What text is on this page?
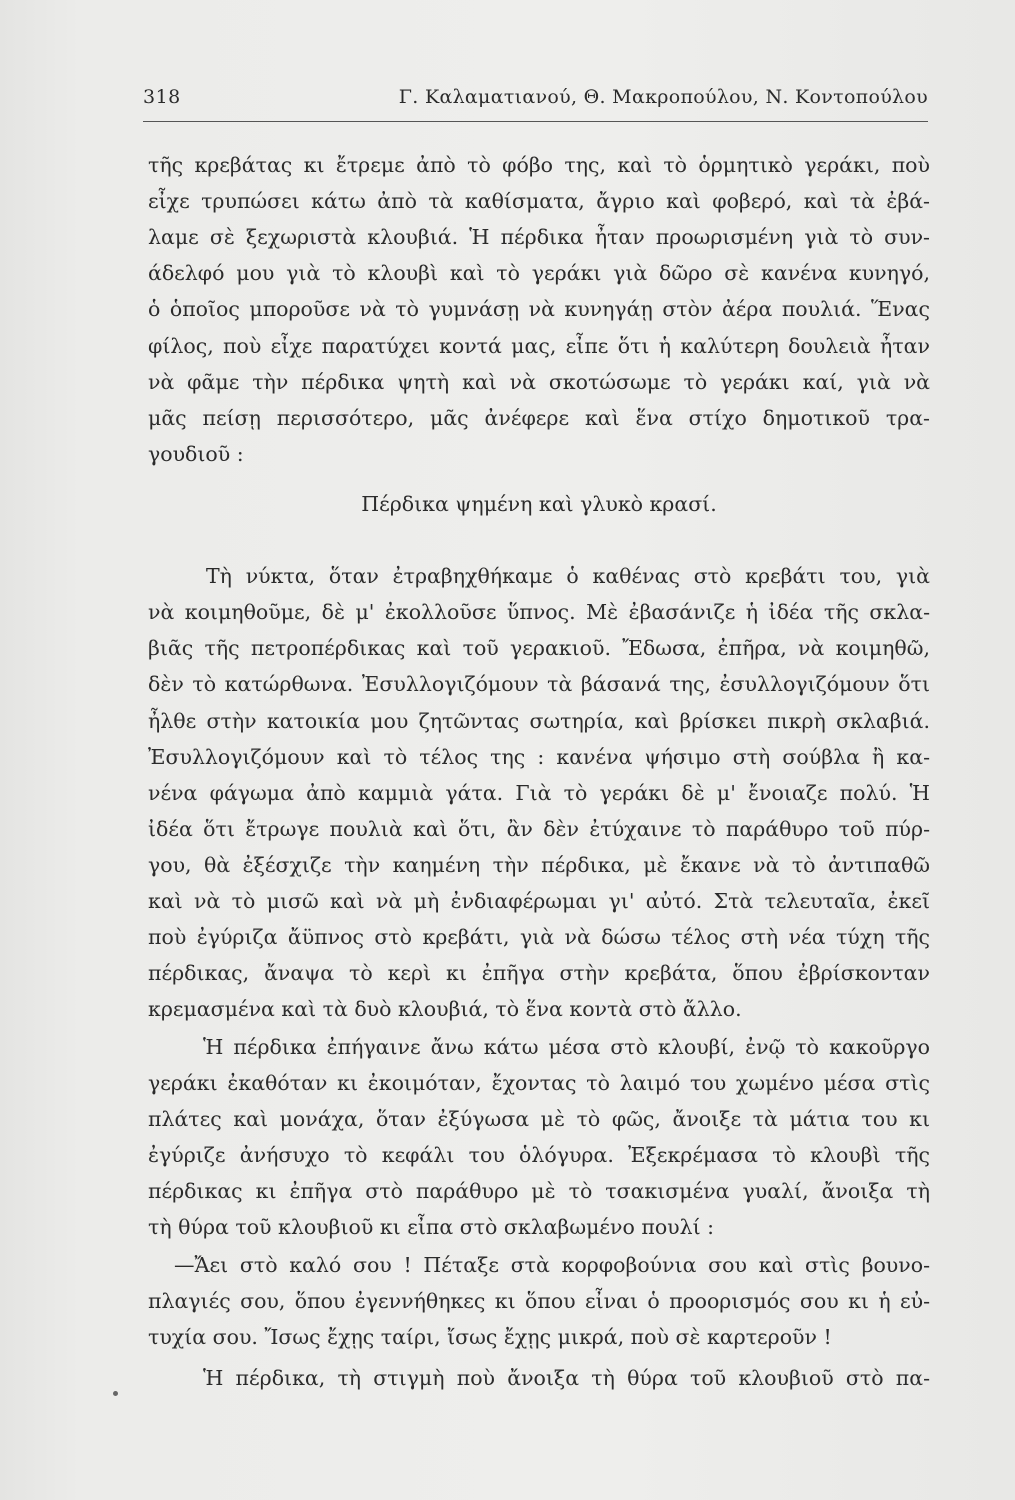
318	Γ. Καλαματιανού, Θ. Μακροπούλου, Ν. Κοντοπούλου
τῆς κρεβάτας κι ἔτρεμε ἀπὸ τὸ φόβο της, καὶ τὸ ὁρμητικὸ γεράκι, ποὺ
εἶχε τρυπώσει κάτω ἀπὸ τὰ καθίσματα, ἄγριο καὶ φοβερό, καὶ τὰ ἐβά-
λαμε σὲ ξεχωριστὰ κλουβιά. Ἡ πέρδικα ἦταν προωρισμένη γιὰ τὸ συν-
άδελφό μου γιὰ τὸ κλουβὶ καὶ τὸ γεράκι γιὰ δῶρο σὲ κανένα κυνηγό,
ὁ ὁποῖος μποροῦσε νὰ τὸ γυμνάσῃ νὰ κυνηγάῃ στὸν ἀέρα πουλιά. Ἕνας
φίλος, ποὺ εἶχε παρατύχει κοντά μας, εἶπε ὅτι ἡ καλύτερη δουλειὰ ἦταν
νὰ φᾶμε τὴν πέρδικα ψητὴ καὶ νὰ σκοτώσωμε τὸ γεράκι καί, γιὰ νὰ
μᾶς πείσῃ περισσότερο, μᾶς ἀνέφερε καὶ ἕνα στίχο δημοτικοῦ τρα-
γουδιοῦ :
Πέρδικα ψημένη καὶ γλυκὸ κρασί.
Τὴ νύκτα, ὅταν ἐτραβηχθήκαμε ὁ καθένας στὸ κρεβάτι του, γιὰ
νὰ κοιμηθοῦμε, δὲ μ' ἐκολλοῦσε ὕπνος. Μὲ ἐβασάνιζε ἡ ἰδέα τῆς σκλα-
βιᾶς τῆς πετροπέρδικας καὶ τοῦ γερακιοῦ. Ἔδωσα, ἐπῆρα, νὰ κοιμηθῶ,
δὲν τὸ κατώρθωνα. Ἐσυλλογιζόμουν τὰ βάσανά της, ἐσυλλογιζόμουν ὅτι
ἦλθε στὴν κατοικία μου ζητῶντας σωτηρία, καὶ βρίσκει πικρὴ σκλαβιά.
Ἐσυλλογιζόμουν καὶ τὸ τέλος της : κανένα ψήσιμο στὴ σούβλα ἢ κα-
νένα φάγωμα ἀπὸ καμμιὰ γάτα. Γιὰ τὸ γεράκι δὲ μ' ἔνοιαζε πολύ. Ἡ
ἰδέα ὅτι ἔτρωγε πουλιὰ καὶ ὅτι, ἂν δὲν ἐτύχαινε τὸ παράθυρο τοῦ πύρ-
γου, θὰ ἐξέσχιζε τὴν καημένη τὴν πέρδικα, μὲ ἔκανε νὰ τὸ ἀντιπαθῶ
καὶ νὰ τὸ μισῶ καὶ νὰ μὴ ἐνδιαφέρωμαι γι' αὐτό. Στὰ τελευταῖα, ἐκεῖ
ποὺ ἐγύριζα ἄϋπνος στὸ κρεβάτι, γιὰ νὰ δώσω τέλος στὴ νέα τύχη τῆς
πέρδικας, ἄναψα τὸ κερὶ κι ἐπῆγα στὴν κρεβάτα, ὅπου ἐβρίσκονταν
κρεμασμένα καὶ τὰ δυὸ κλουβιά, τὸ ἕνα κοντὰ στὸ ἄλλο.
Ἡ πέρδικα ἐπήγαινε ἄνω κάτω μέσα στὸ κλουβί, ἐνῷ τὸ κακοῦργο
γεράκι ἐκαθόταν κι ἐκοιμόταν, ἔχοντας τὸ λαιμό του χωμένο μέσα στὶς
πλάτες καὶ μονάχα, ὅταν ἐξύγωσα μὲ τὸ φῶς, ἄνοιξε τὰ μάτια του κι
ἐγύριζε ἀνήσυχο τὸ κεφάλι του ὁλόγυρα. Ἐξεκρέμασα τὸ κλουβὶ τῆς
πέρδικας κι ἐπῆγα στὸ παράθυρο μὲ τὸ τσακισμένα γυαλί, ἄνοιξα τὴ
τὴ θύρα τοῦ κλουβιοῦ κι εἶπα στὸ σκλαβωμένο πουλί :
—Ἄει στὸ καλό σου ! Πέταξε στὰ κορφοβούνια σου καὶ στὶς βουνο-
πλαγιές σου, ὅπου ἐγεννήθηκες κι ὅπου εἶναι ὁ προορισμός σου κι ἡ εὐ-
τυχία σου. Ἴσως ἔχῃς ταίρι, ἴσως ἔχῃς μικρά, ποὺ σὲ καρτεροῦν !
Ἡ πέρδικα, τὴ στιγμὴ ποὺ ἄνοιξα τὴ θύρα τοῦ κλουβιοῦ στὸ πα-
